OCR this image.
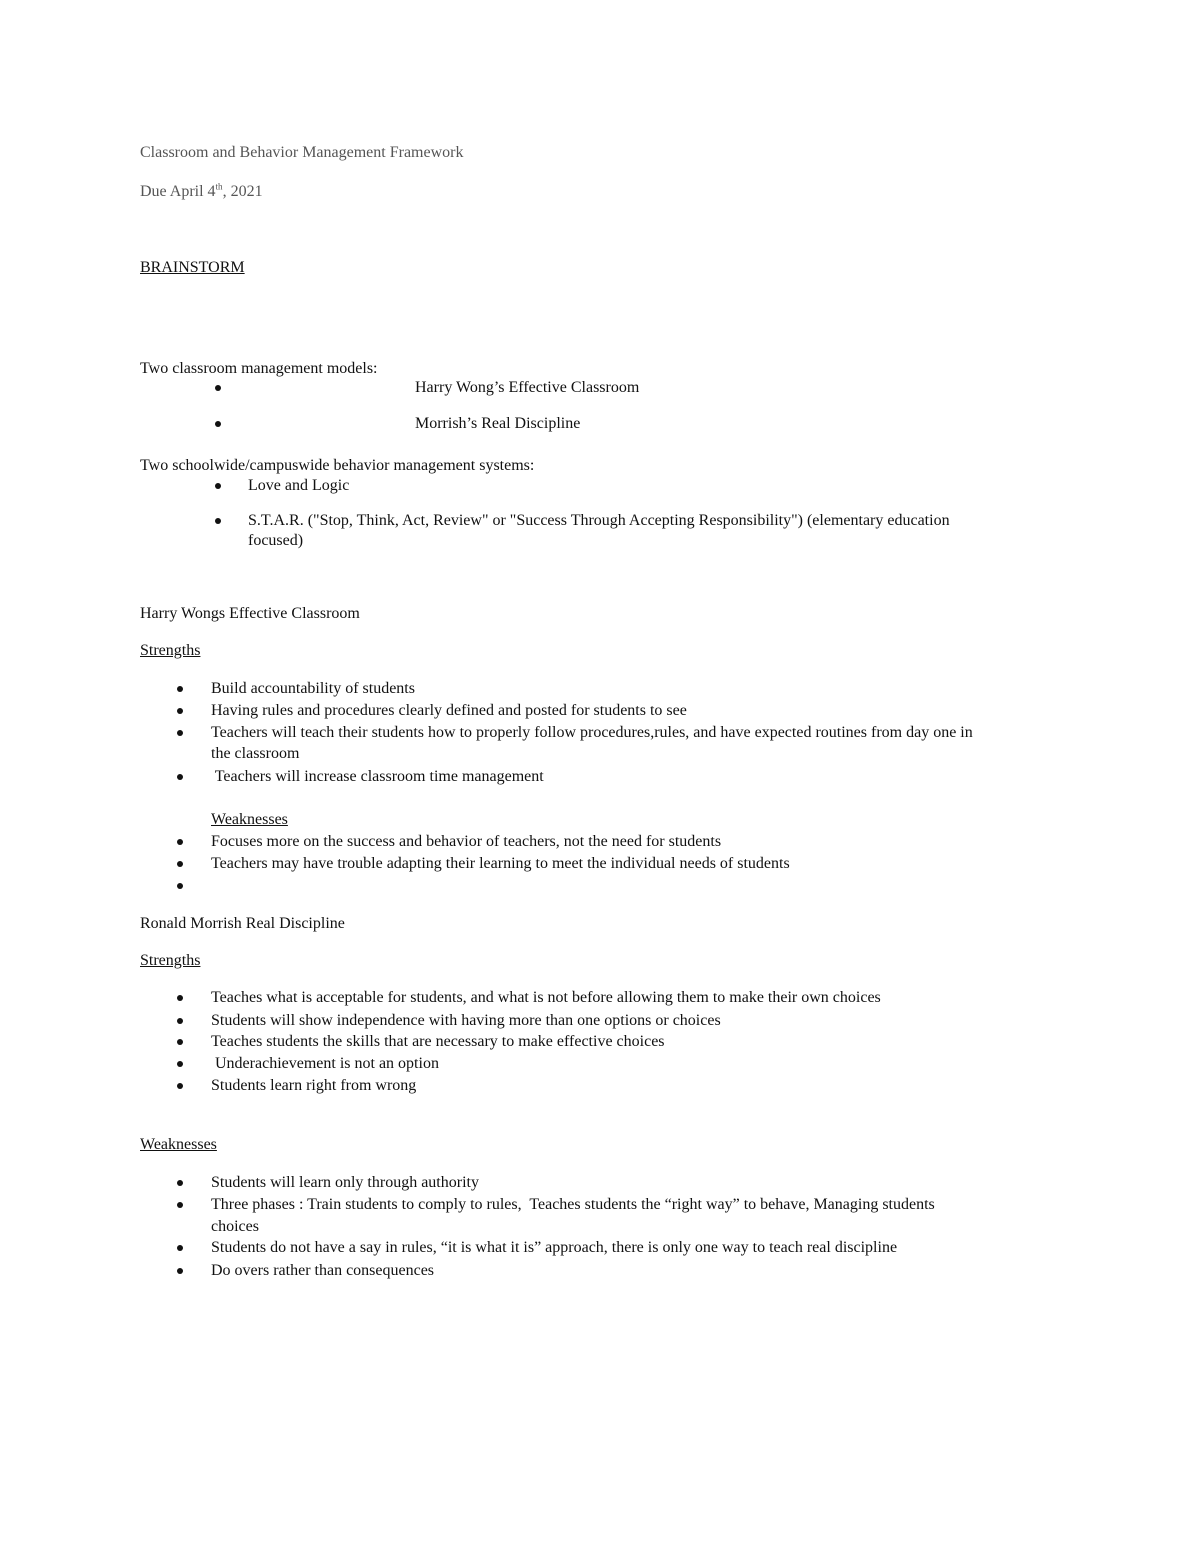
Classroom and Behavior Management Framework
Due April 4th, 2021
BRAINSTORM
Two classroom management models:
Harry Wong’s Effective Classroom
Morrish’s Real Discipline
Two schoolwide/campuswide behavior management systems:
Love and Logic
S.T.A.R. ("Stop, Think, Act, Review" or "Success Through Accepting Responsibility") (elementary education
focused)
Harry Wongs Effective Classroom
Strengths
Build accountability of students
Having rules and procedures clearly defined and posted for students to see
Teachers will teach their students how to properly follow procedures,rules, and have expected routines from day one in
the classroom
Teachers will increase classroom time management
Weaknesses
Focuses more on the success and behavior of teachers, not the need for students
Teachers may have trouble adapting their learning to meet the individual needs of students
Ronald Morrish Real Discipline
Strengths
Teaches what is acceptable for students, and what is not before allowing them to make their own choices
Students will show independence with having more than one options or choices
Teaches students the skills that are necessary to make effective choices
Underachievement is not an option
Students learn right from wrong
Weaknesses
Students will learn only through authority
Three phases : Train students to comply to rules,  Teaches students the “right way” to behave, Managing students
choices
Students do not have a say in rules, “it is what it is” approach, there is only one way to teach real discipline
Do overs rather than consequences
